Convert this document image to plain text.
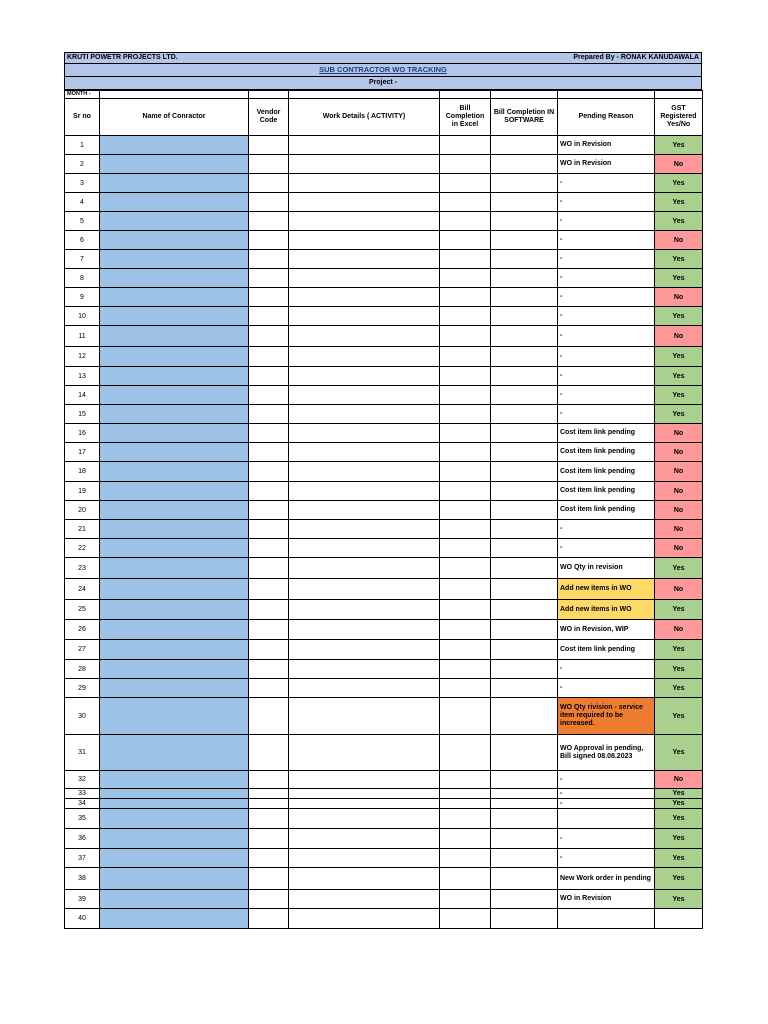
KRUTI POWETR PROJECTS LTD.	Prepared By - RONAK KANUDAWALA
SUB CONTRACTOR WO TRACKING
Project -
MONTH -							
Sr no	Name of Conractor	Vendor Code	Work Details ( ACTIVITY)	Bill Completion in Excel	Bill Completion IN SOFTWARE	Pending Reason	GST Registered Yes/No
1						WO in Revision	Yes
2						WO in Revision	No
3						-	Yes
4						-	Yes
5						-	Yes
6						-	No
7						-	Yes
8						-	Yes
9						-	No
10						-	Yes
11						-	No
12						-	Yes
13						-	Yes
14						-	Yes
15						-	Yes
16						Cost item link pending	No
17						Cost item link pending	No
18						Cost item link pending	No
19						Cost item link pending	No
20						Cost item link pending	No
21						-	No
22						-	No
23						WO Qty in revision	Yes
24						Add new items in WO	No
25						Add new items in WO	Yes
26						WO in Revision, WIP	No
27						Cost item link pending	Yes
28						-	Yes
29						-	Yes
30						WO Qty rivision - service item required to be increased.	Yes
31						WO Approval in pending, Bill signed 08.08.2023	Yes
32						-	No
33						-	Yes
34						-	Yes
35							Yes
36						-	Yes
37						-	Yes
38						New Work order in pending	Yes
39						WO in Revision	Yes
40							
